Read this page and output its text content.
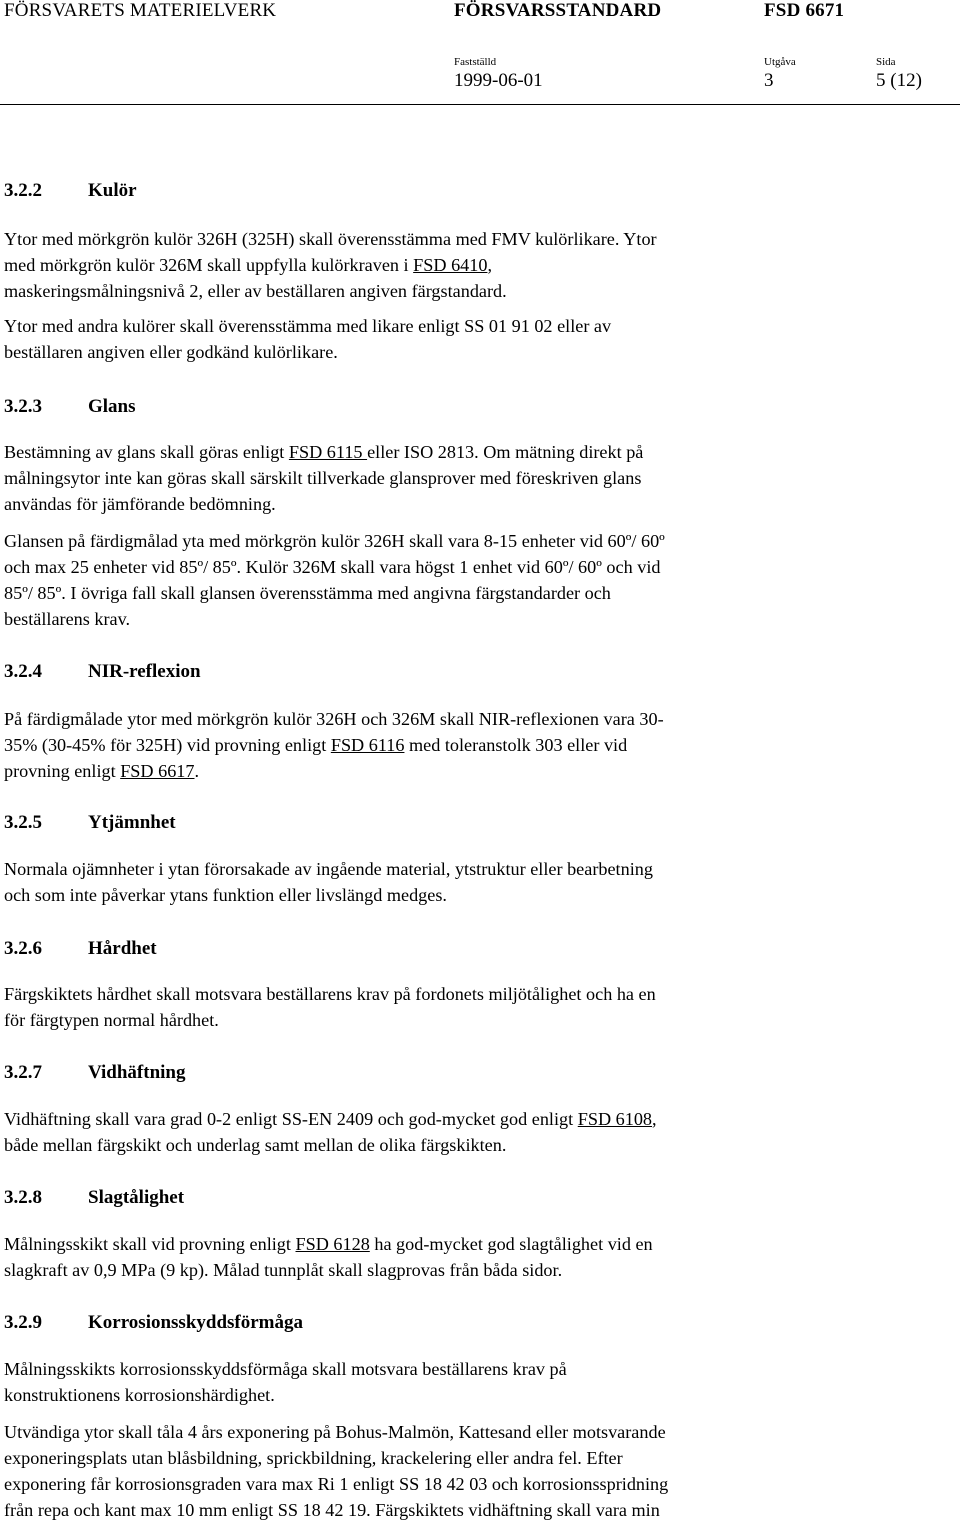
FÖRSVARETS MATERIELVERK	FÖRSVARSSTANDARD	FSD 6671
Fastställd	Utgåva	Sida
1999-06-01	3	5 (12)
3.2.2 Kulör

Ytor med mörkgrön kulör 326H (325H) skall överensstämma med FMV kulörlikare. Ytor
med mörkgrön kulör 326M skall uppfylla kulörkraven i FSD 6410,
maskeringsmålningsnivå 2, eller av beställaren angiven färgstandard.

Ytor med andra kulörer skall överensstämma med likare enligt SS 01 91 02 eller av
beställaren angiven eller godkänd kulörlikare.

3.2.3 Glans

Bestämning av glans skall göras enligt FSD 6115 eller ISO 2813. Om mätning direkt på
målningsytor inte kan göras skall särskilt tillverkade glansprover med föreskriven glans
användas för jämförande bedömning.

Glansen på färdigmålad yta med mörkgrön kulör 326H skall vara 8-15 enheter vid 60º/ 60º
och max 25 enheter vid 85º/ 85º. Kulör 326M skall vara högst 1 enhet vid 60º/ 60º och vid
85º/ 85º. I övriga fall skall glansen överensstämma med angivna färgstandarder och
beställarens krav.

3.2.4 NIR-reflexion

På färdigmålade ytor med mörkgrön kulör 326H och 326M skall NIR-reflexionen vara 30-
35% (30-45% för 325H) vid provning enligt FSD 6116 med toleranstolk 303 eller vid
provning enligt FSD 6617.

3.2.5 Ytjämnhet

Normala ojämnheter i ytan förorsakade av ingående material, ytstruktur eller bearbetning
och som inte påverkar ytans funktion eller livslängd medges.

3.2.6 Hårdhet

Färgskiktets hårdhet skall motsvara beställarens krav på fordonets miljötålighet och ha en
för färgtypen normal hårdhet.

3.2.7 Vidhäftning

Vidhäftning skall vara grad 0-2 enligt SS-EN 2409 och god-mycket god enligt FSD 6108,
både mellan färgskikt och underlag samt mellan de olika färgskikten.

3.2.8 Slagtålighet

Målningsskikt skall vid provning enligt FSD 6128 ha god-mycket god slagtålighet vid en
slagkraft av 0,9 MPa (9 kp). Målad tunnplåt skall slagprovas från båda sidor.

3.2.9 Korrosionsskyddsförmåga

Målningsskikts korrosionsskyddsförmåga skall motsvara beställarens krav på
konstruktionens korrosionshärdighet.

Utvändiga ytor skall tåla 4 års exponering på Bohus-Malmön, Kattesand eller motsvarande
exponeringsplats utan blåsbildning, sprickbildning, krackelering eller andra fel. Efter
exponering får korrosionsgraden vara max Ri 1 enligt SS 18 42 03 och korrosionsspridning
från repa och kant max 10 mm enligt SS 18 42 19. Färgskiktets vidhäftning skall vara min
